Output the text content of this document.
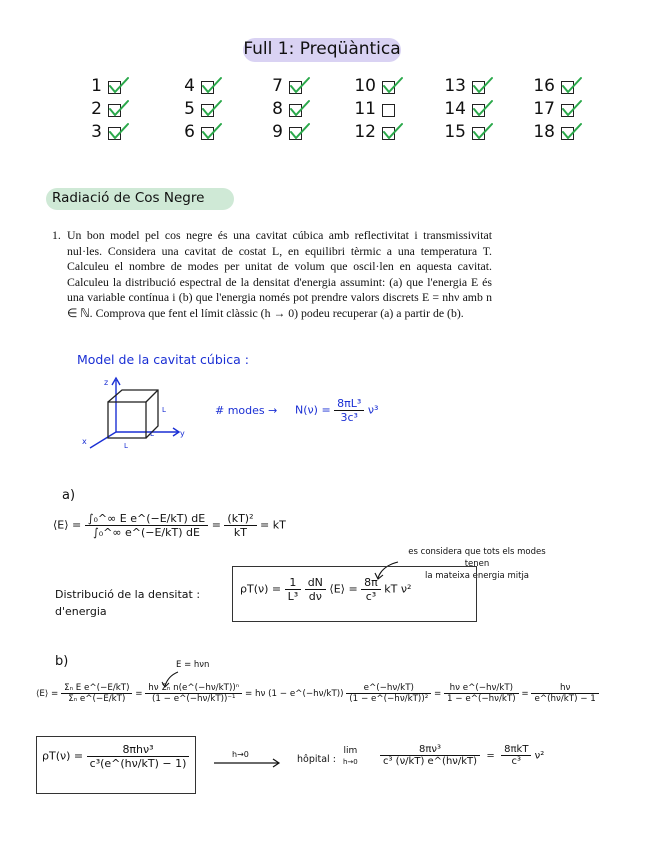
Full 1: Preqüàntica
1
2
3
4
5
6
7
8
9
10
11
12
13
14
15
16
17
18
Radiació de Cos Negre
1. Un bon model pel cos negre és una cavitat cúbica amb reflectivitat i transmissivitat nul·les. Considera una cavitat de costat L, en equilibri tèrmic a una temperatura T. Calculeu el nombre de modes per unitat de volum que oscil·len en aquesta cavitat. Calculeu la distribució espectral de la densitat d'energia assumint: (a) que l'energia E és una variable contínua i (b) que l'energia només pot prendre valors discrets E = nhν amb n ∈ ℕ. Comprova que fent el límit clàssic (h → 0) podeu recuperar (a) a partir de (b).
Model de la cavitat cúbica :
z
x
y
L
L
L
# modes → $N(\nu) = \frac{\text{8πL³}}{\text{3c³}} \nu^3$
a)
⟨E⟩ = $\frac{\text{∫₀\textasciicircum{}∞ E e\textasciicircum{}(−E/kT) dE}}{\text{∫₀\textasciicircum{}∞ e\textasciicircum{}(−E/kT) dE}} = \frac{\text{(kT)²}}{kT}$ = kT
es considera que tots els modes tenen
la mateixa energia mitja
Distribució de la densitat :
d'energia
$\rho T(\nu) = \frac{1}{\text{L³}}$
$\frac{dN}{d\nu}$ ⟨E⟩ = $\frac{8\pi}{\text{c³}}$ kT ν²
b)	E = hνn
⟨E⟩ = $\frac{\text{Σₙ E e\textasciicircum{}(−E/kT)}}{\text{Σₙ e\textasciicircum{}(−E/kT)}} = \frac{\text{hν Σₙ n(e\textasciicircum{}(−hν/kT))ⁿ}}{\text{(1 − e\textasciicircum{}(−hν/kT))⁻¹}} = h\nu$ (1 − e^(−hν/kT)) $\frac{e\^{}(-h\nu/kT)}{\text{(1 − e\textasciicircum{}(−hν/kT))²}} = \frac{\text{hν e\textasciicircum{}(−hν/kT)}}{1 - e\^{}(-h\nu/kT)} = \frac{h\nu}{e\^{}(h\nu/kT) - 1}$
$\rho T(\nu) = \frac{\text{8πhν³}}{\text{c³(e\textasciicircum{}(hν/kT) − 1)}}$	h→0	hôpital :
lim
$h\to 0 \frac{\text{8πν³}}{\text{c³ (ν/kT) e\textasciicircum{}(hν/kT)}} = \frac{\text{8πkT}}{\text{c³}} \nu^2$
